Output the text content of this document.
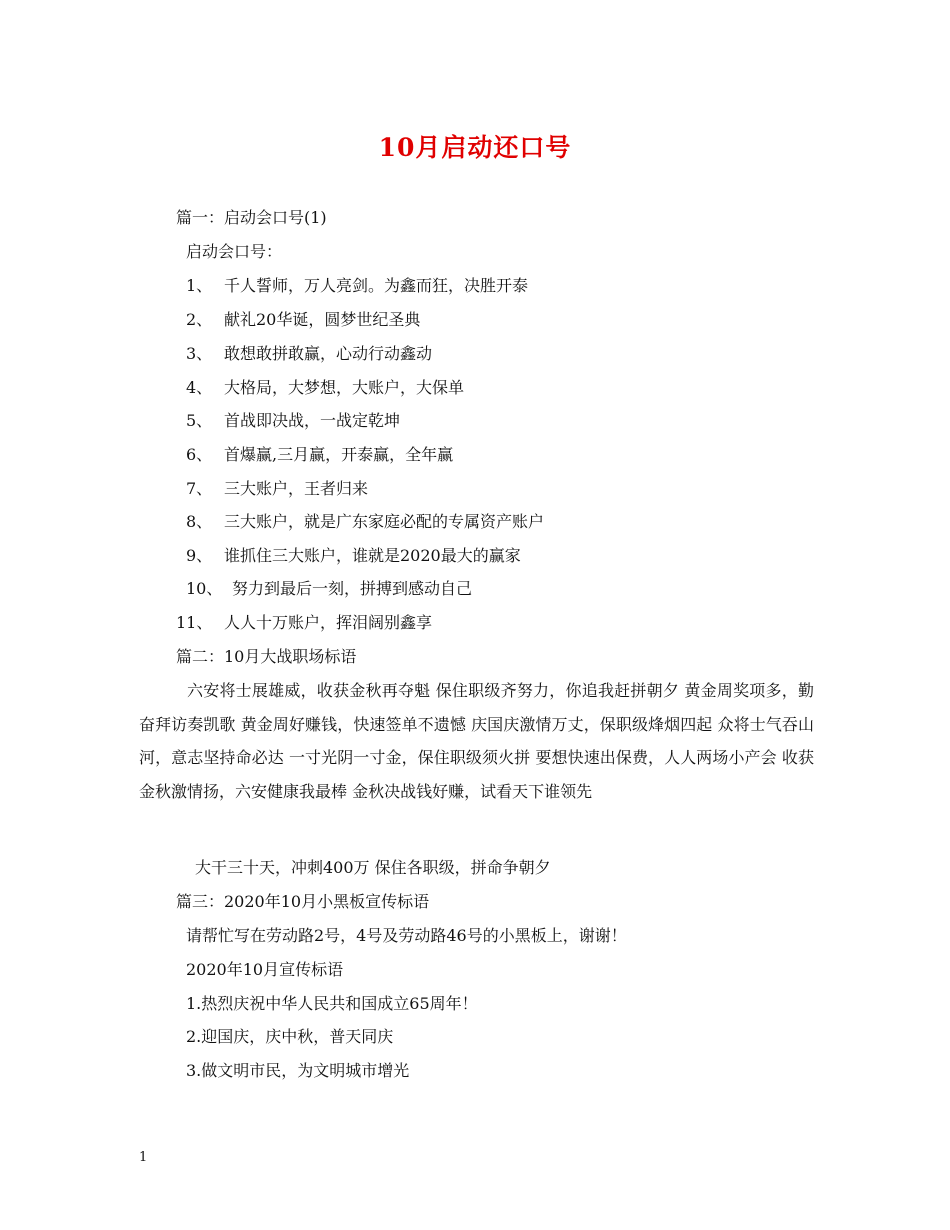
10月启动还口号
篇一：启动会口号(1)
启动会口号：
1、 千人誓师，万人亮剑。为鑫而狂，决胜开泰
2、 献礼20华诞，圆梦世纪圣典
3、 敢想敢拼敢赢，心动行动鑫动
4、 大格局，大梦想，大账户，大保单
5、 首战即决战，一战定乾坤
6、 首爆赢,三月赢，开泰赢，全年赢
7、 三大账户，王者归来
8、 三大账户，就是广东家庭必配的专属资产账户
9、 谁抓住三大账户，谁就是2020最大的赢家
10、 努力到最后一刻，拼搏到感动自己
11、 人人十万账户，挥泪阔别鑫享
篇二：10月大战职场标语

六安将士展雄威，收获金秋再夺魁 保住职级齐努力，你追我赶拼朝夕 黄金周奖项多，勤奋拜访奏凯歌 黄金周好赚钱，快速签单不遗憾 庆国庆激情万丈，保职级烽烟四起 众将士气吞山河，意志坚持命必达 一寸光阴一寸金，保住职级须火拼 要想快速出保费，人人两场小产会 收获金秋激情扬，六安健康我最棒 金秋决战钱好赚，试看天下谁领先

大干三十天，冲刺400万 保住各职级，拼命争朝夕
篇三：2020年10月小黑板宣传标语
请帮忙写在劳动路2号，4号及劳动路46号的小黑板上，谢谢！
2020年10月宣传标语
1.热烈庆祝中华人民共和国成立65周年！
2.迎国庆，庆中秋，普天同庆
3.做文明市民，为文明城市增光
1
